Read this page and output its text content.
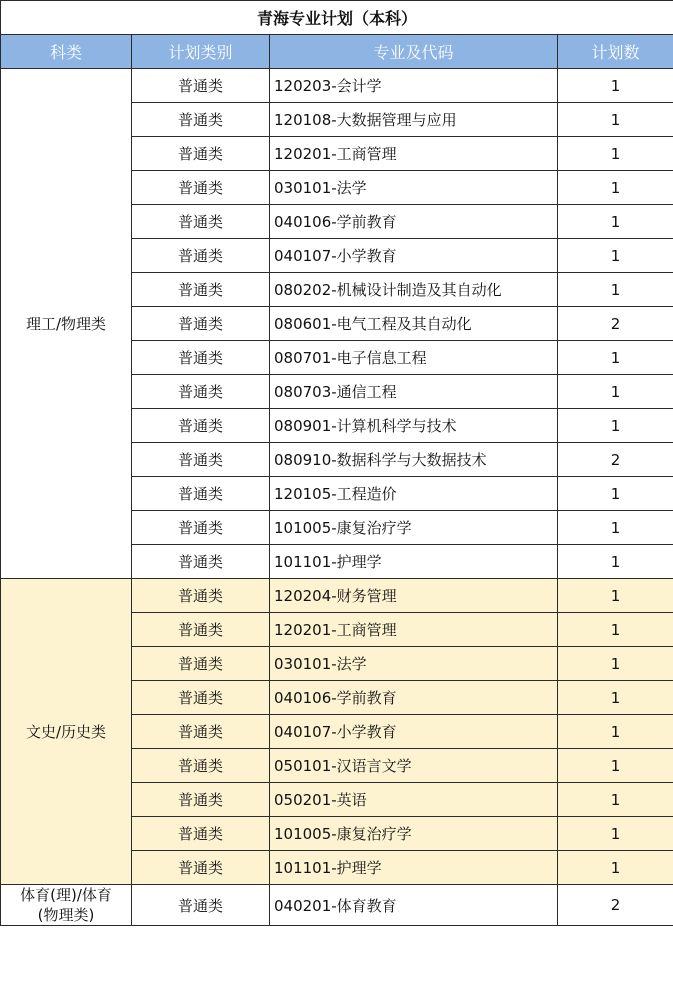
青海专业计划（本科）			
科类	计划类别	专业及代码	计划数
理工/物理类	普通类	120203-会计学	1
	普通类	120108-大数据管理与应用	1
	普通类	120201-工商管理	1
	普通类	030101-法学	1
	普通类	040106-学前教育	1
	普通类	040107-小学教育	1
	普通类	080202-机械设计制造及其自动化	1
	普通类	080601-电气工程及其自动化	2
	普通类	080701-电子信息工程	1
	普通类	080703-通信工程	1
	普通类	080901-计算机科学与技术	1
	普通类	080910-数据科学与大数据技术	2
	普通类	120105-工程造价	1
	普通类	101005-康复治疗学	1
	普通类	101101-护理学	1
文史/历史类	普通类	120204-财务管理	1
	普通类	120201-工商管理	1
	普通类	030101-法学	1
	普通类	040106-学前教育	1
	普通类	040107-小学教育	1
	普通类	050101-汉语言文学	1
	普通类	050201-英语	1
	普通类	101005-康复治疗学	1
	普通类	101101-护理学	1
体育(理)/体育
(物理类)	普通类	040201-体育教育	2
